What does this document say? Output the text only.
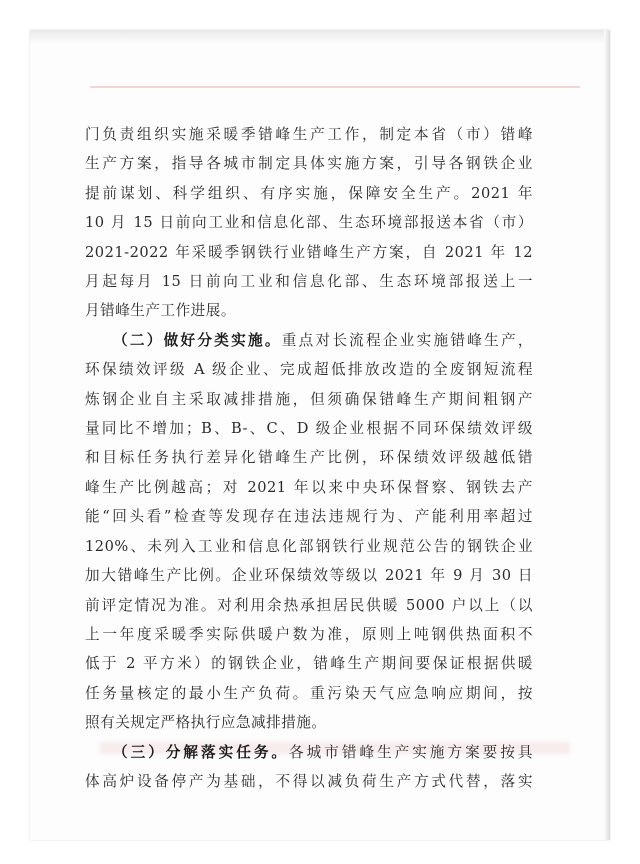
门负责组织实施采暖季错峰生产工作，制定本省（市）错峰
生产方案，指导各城市制定具体实施方案，引导各钢铁企业
提前谋划、科学组织、有序实施，保障安全生产。2021 年
10 月 15 日前向工业和信息化部、生态环境部报送本省（市）
2021-2022 年采暖季钢铁行业错峰生产方案，自 2021 年 12
月起每月 15 日前向工业和信息化部、生态环境部报送上一
月错峰生产工作进展。
（二）做好分类实施。重点对长流程企业实施错峰生产，
环保绩效评级 A 级企业、完成超低排放改造的全废钢短流程
炼钢企业自主采取减排措施，但须确保错峰生产期间粗钢产
量同比不增加；B、B-、C、D 级企业根据不同环保绩效评级
和目标任务执行差异化错峰生产比例，环保绩效评级越低错
峰生产比例越高；对 2021 年以来中央环保督察、钢铁去产
能“回头看”检查等发现存在违法违规行为、产能利用率超过
120%、未列入工业和信息化部钢铁行业规范公告的钢铁企业
加大错峰生产比例。企业环保绩效等级以 2021 年 9 月 30 日
前评定情况为准。对利用余热承担居民供暖 5000 户以上（以
上一年度采暖季实际供暖户数为准，原则上吨钢供热面积不
低于 2 平方米）的钢铁企业，错峰生产期间要保证根据供暖
任务量核定的最小生产负荷。重污染天气应急响应期间，按
照有关规定严格执行应急减排措施。
（三）分解落实任务。各城市错峰生产实施方案要按具
体高炉设备停产为基础，不得以减负荷生产方式代替，落实
